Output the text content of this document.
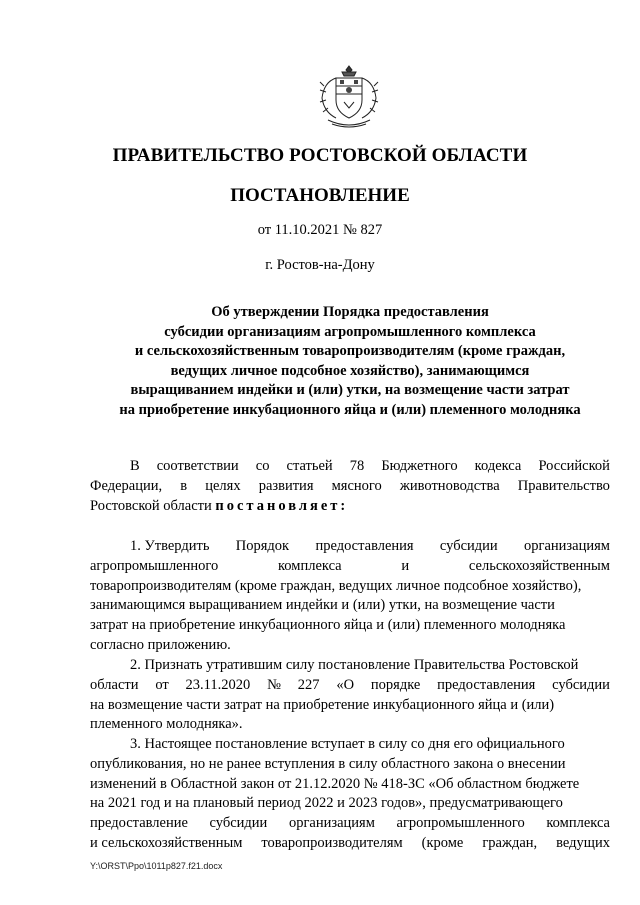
ПРАВИТЕЛЬСТВО РОСТОВСКОЙ ОБЛАСТИ
ПОСТАНОВЛЕНИЕ
от 11.10.2021 № 827
г. Ростов-на-Дону
Об утверждении Порядка предоставления
субсидии организациям агропромышленного комплекса
и сельскохозяйственным товаропроизводителям (кроме граждан,
ведущих личное подсобное хозяйство), занимающимся
выращиванием индейки и (или) утки, на возмещение части затрат
на приобретение инкубационного яйца и (или) племенного молодняка
В соответствии со статьей 78 Бюджетного кодекса Российской
Федерации, в целях развития мясного животноводства Правительство
Ростовской области постановляет:
1. Утвердить Порядок предоставления субсидии организациям
агропромышленного	комплекса	и	сельскохозяйственным
товаропроизводителям (кроме граждан, ведущих личное подсобное хозяйство),
занимающимся выращиванием индейки и (или) утки, на возмещение части
затрат на приобретение инкубационного яйца и (или) племенного молодняка
согласно приложению.
2. Признать утратившим силу постановление Правительства Ростовской
области от 23.11.2020 № 227 «О порядке предоставления субсидии
на возмещение части затрат на приобретение инкубационного яйца и (или)
племенного молодняка».
3. Настоящее постановление вступает в силу со дня его официального
опубликования, но не ранее вступления в силу областного закона о внесении
изменений в Областной закон от 21.12.2020 № 418-ЗС «Об областном бюджете
на 2021 год и на плановый период 2022 и 2023 годов», предусматривающего
предоставление субсидии организациям агропромышленного комплекса
и сельскохозяйственным товаропроизводителям (кроме граждан, ведущих
Y:\ORST\Ppo\1011p827.f21.docx
